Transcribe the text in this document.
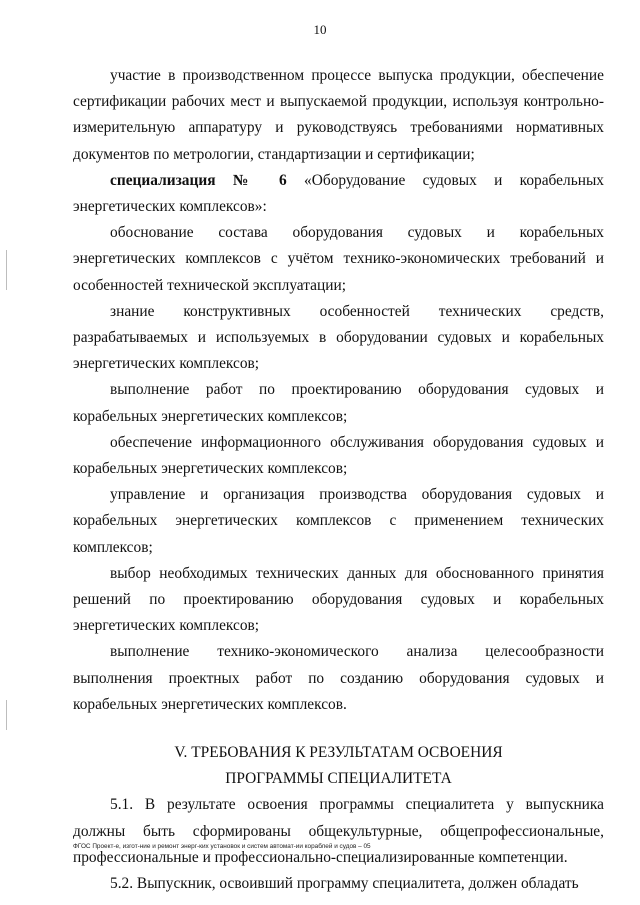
10

участие в производственном процессе выпуска продукции, обеспечение сертификации рабочих мест и выпускаемой продукции, используя контрольно-измерительную аппаратуру и руководствуясь требованиями нормативных документов по метрологии, стандартизации и сертификации;

специализация № 6 «Оборудование судовых и корабельных энергетических комплексов»:

обоснование состава оборудования судовых и корабельных энергетических комплексов с учётом технико-экономических требований и особенностей технической эксплуатации;

знание конструктивных особенностей технических средств, разрабатываемых и используемых в оборудовании судовых и корабельных энергетических комплексов;

выполнение работ по проектированию оборудования судовых и корабельных энергетических комплексов;

обеспечение информационного обслуживания оборудования судовых и корабельных энергетических комплексов;

управление и организация производства оборудования судовых и корабельных энергетических комплексов с применением технических комплексов;

выбор необходимых технических данных для обоснованного принятия решений по проектированию оборудования судовых и корабельных энергетических комплексов;

выполнение технико-экономического анализа целесообразности выполнения проектных работ по созданию оборудования судовых и корабельных энергетических комплексов.

V. ТРЕБОВАНИЯ К РЕЗУЛЬТАТАМ ОСВОЕНИЯ
ПРОГРАММЫ СПЕЦИАЛИТЕТА

5.1. В результате освоения программы специалитета у выпускника должны быть сформированы общекультурные, общепрофессиональные, профессиональные и профессионально-специализированные компетенции.

5.2. Выпускник, освоивший программу специалитета, должен обладать

ФГОС Проект-е, изгот-ние и ремонт энерг-ких установок и систем автомат-ии кораблей и судов – 05
